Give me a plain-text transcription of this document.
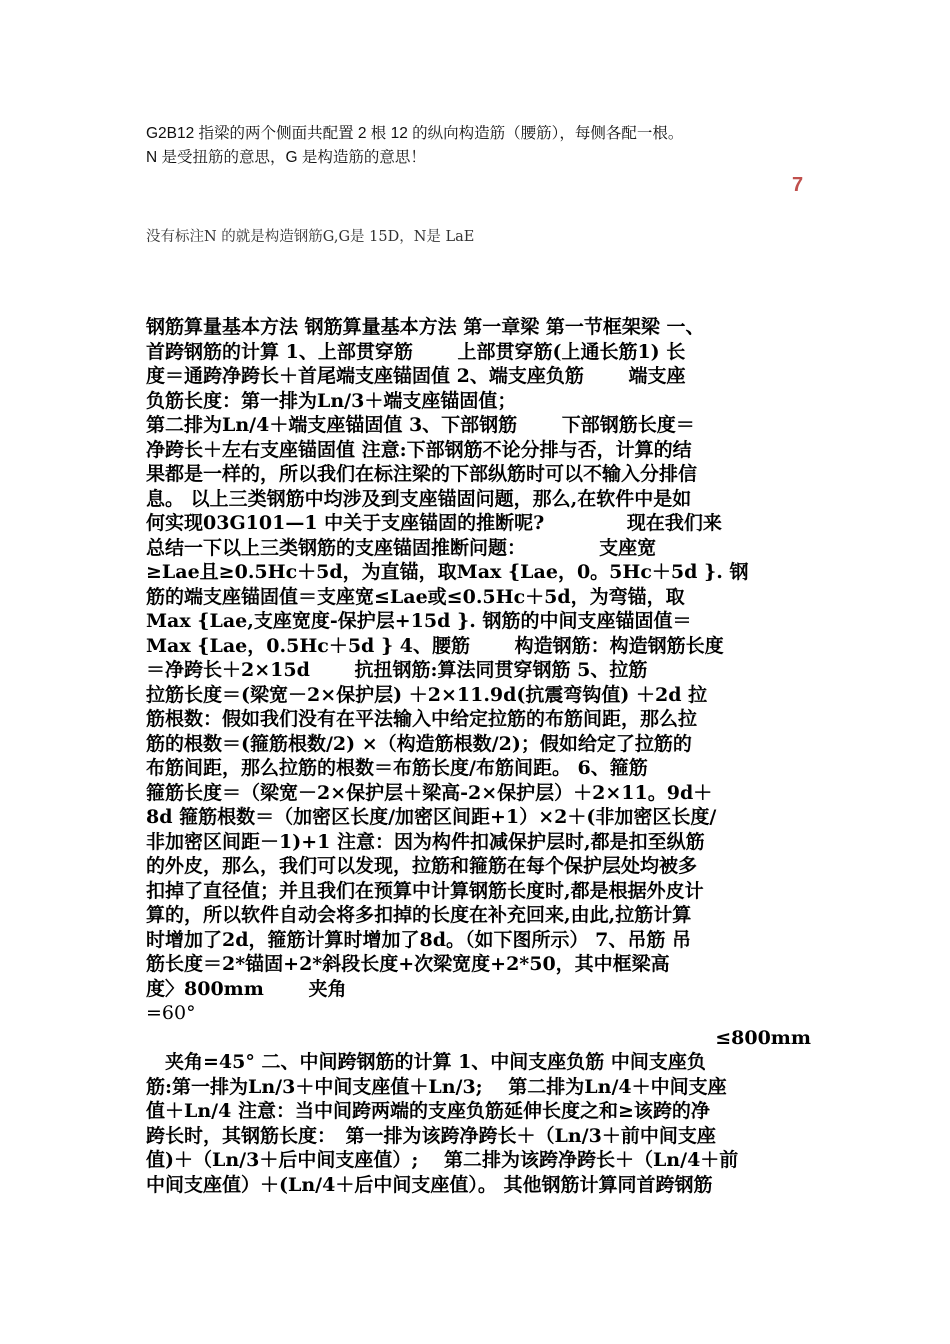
G2B12 指梁的两个侧面共配置 2 根 12 的纵向构造筋（腰筋），每侧各配一根。

N 是受扭筋的意思，G 是构造筋的意思！

7
没有标注N 的就是构造钢筋G,G是 15D，N是 LaE

钢筋算量基本方法 钢筋算量基本方法 第一章梁 第一节框架梁 一、

首跨钢筋的计算 1、上部贯穿筋　　 上部贯穿筋(上通长筋1) 长

度＝通跨净跨长＋首尾端支座锚固值 2、端支座负筋　　 端支座

负筋长度：第一排为Ln/3＋端支座锚固值；

第二排为Ln/4＋端支座锚固值 3、下部钢筋　　 下部钢筋长度＝

净跨长＋左右支座锚固值 注意:下部钢筋不论分排与否，计算的结

果都是一样的，所以我们在标注梁的下部纵筋时可以不输入分排信

息。 以上三类钢筋中均涉及到支座锚固问题，那么,在软件中是如

何实现03G101—1 中关于支座锚固的推断呢?　　　　 现在我们来

总结一下以上三类钢筋的支座锚固推断问题：　　　　 支座宽

≥Lae且≥0.5Hc＋5d，为直锚，取Max {Lae，0。5Hc＋5d }. 钢

筋的端支座锚固值＝支座宽≤Lae或≤0.5Hc＋5d，为弯锚，取

Max {Lae,支座宽度-保护层+15d }. 钢筋的中间支座锚固值＝

Max {Lae，0.5Hc＋5d } 4、腰筋　　 构造钢筋：构造钢筋长度

＝净跨长＋2×15d　　 抗扭钢筋:算法同贯穿钢筋 5、拉筋

拉筋长度＝(梁宽－2×保护层) ＋2×11.9d(抗震弯钩值) ＋2d 拉

筋根数：假如我们没有在平法输入中给定拉筋的布筋间距，那么拉

筋的根数＝(箍筋根数/2) ×（构造筋根数/2)；假如给定了拉筋的

布筋间距，那么拉筋的根数＝布筋长度/布筋间距。 6、箍筋

箍筋长度＝（梁宽－2×保护层＋梁高-2×保护层）＋2×11。9d＋

8d 箍筋根数＝（加密区长度/加密区间距+1）×2＋(非加密区长度/

非加密区间距－1)+1 注意：因为构件扣减保护层时,都是扣至纵筋

的外皮，那么，我们可以发现，拉筋和箍筋在每个保护层处均被多

扣掉了直径值；并且我们在预算中计算钢筋长度时,都是根据外皮计

算的，所以软件自动会将多扣掉的长度在补充回来,由此,拉筋计算

时增加了2d，箍筋计算时增加了8d。（如下图所示） 7、吊筋 吊

筋长度＝2*锚固+2*斜段长度+次梁宽度+2*50，其中框梁高

度〉800mm　　 夹角

=60°

≤800mm

　夹角=45° 二、中间跨钢筋的计算 1、中间支座负筋 中间支座负

筋:第一排为Ln/3＋中间支座值＋Ln/3;　 第二排为Ln/4＋中间支座

值＋Ln/4 注意：当中间跨两端的支座负筋延伸长度之和≥该跨的净

跨长时，其钢筋长度：　第一排为该跨净跨长＋（Ln/3＋前中间支座

值)＋（Ln/3＋后中间支座值）;　 第二排为该跨净跨长＋（Ln/4＋前

中间支座值）＋(Ln/4＋后中间支座值）。 其他钢筋计算同首跨钢筋
